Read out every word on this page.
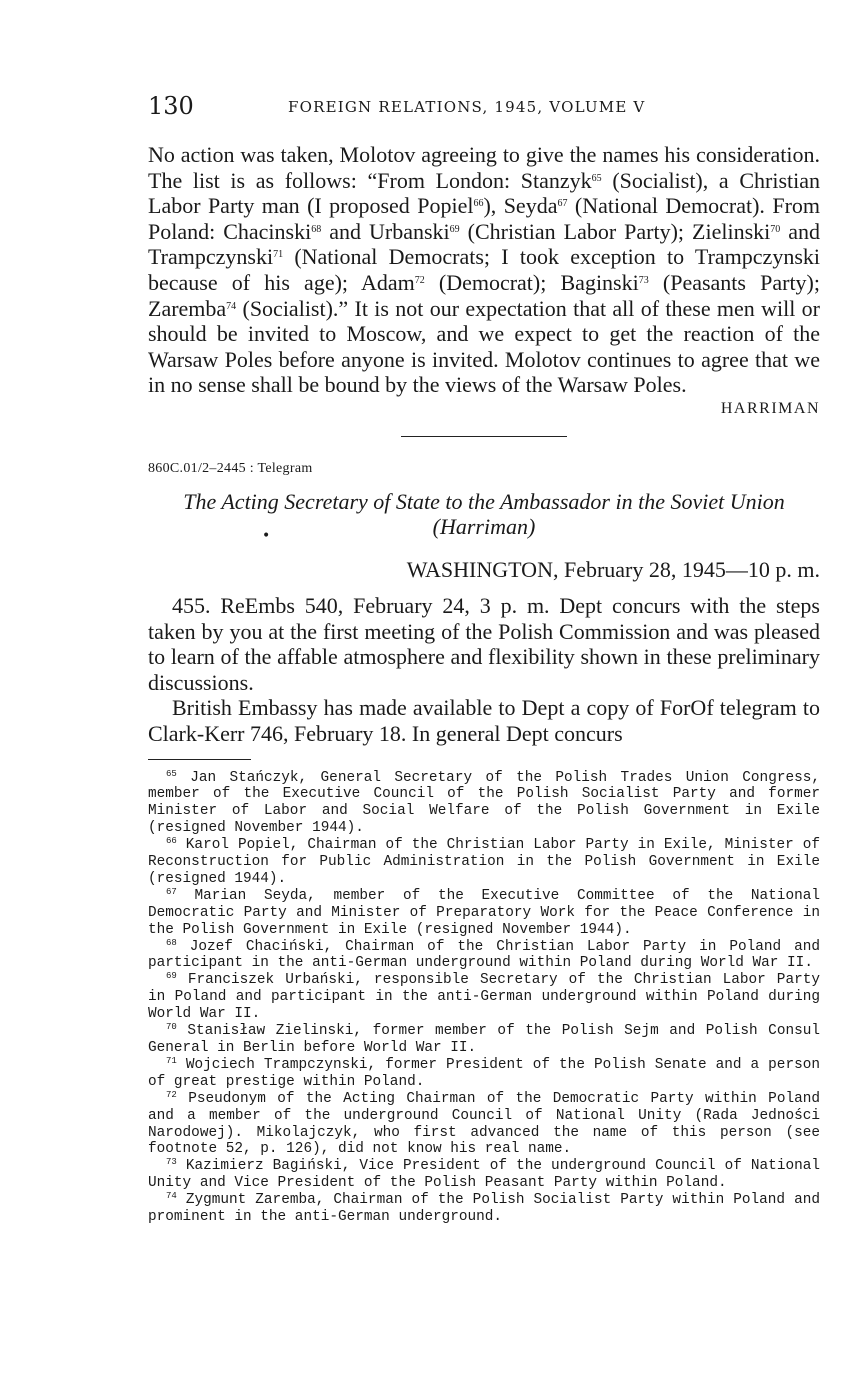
130	FOREIGN RELATIONS, 1945, VOLUME V

No action was taken, Molotov agreeing to give the names his consideration. The list is as follows: “From London: Stanzyk$^{65}$ (Socialist), a Christian Labor Party man (I proposed Popiel$^{66}$), Seyda$^{67}$ (National Democrat). From Poland: Chacinski$^{68}$ and Urbanski$^{69}$ (Christian Labor Party); Zielinski$^{70}$ and Trampczynski$^{71}$ (National Democrats; I took exception to Trampczynski because of his age); Adam$^{72}$ (Democrat); Baginski$^{73}$ (Peasants Party); Zaremba$^{74}$ (Socialist).” It is not our expectation that all of these men will or should be invited to Moscow, and we expect to get the reaction of the Warsaw Poles before anyone is invited. Molotov continues to agree that we in no sense shall be bound by the views of the Warsaw Poles.

HARRIMAN
•
860C.01/2–2445 : Telegram
The Acting Secretary of State to the Ambassador in the Soviet Union
(Harriman)
WASHINGTON, February 28, 1945—10 p. m.

455. ReEmbs 540, February 24, 3 p. m. Dept concurs with the steps taken by you at the first meeting of the Polish Commission and was pleased to learn of the affable atmosphere and flexibility shown in these preliminary discussions.

British Embassy has made available to Dept a copy of ForOf telegram to Clark-Kerr 746, February 18. In general Dept concurs

$^{65}$ Jan Stańczyk, General Secretary of the Polish Trades Union Congress, member of the Executive Council of the Polish Socialist Party and former Minister of Labor and Social Welfare of the Polish Government in Exile (resigned November 1944).

$^{66}$ Karol Popiel, Chairman of the Christian Labor Party in Exile, Minister of Reconstruction for Public Administration in the Polish Government in Exile (resigned 1944).

$^{67}$ Marian Seyda, member of the Executive Committee of the National Democratic Party and Minister of Preparatory Work for the Peace Conference in the Polish Government in Exile (resigned November 1944).

$^{68}$ Jozef Chaciński, Chairman of the Christian Labor Party in Poland and participant in the anti-German underground within Poland during World War II.

$^{69}$ Franciszek Urbański, responsible Secretary of the Christian Labor Party in Poland and participant in the anti-German underground within Poland during World War II.

$^{70}$ Stanisław Zielinski, former member of the Polish Sejm and Polish Consul General in Berlin before World War II.

$^{71}$ Wojciech Trampczynski, former President of the Polish Senate and a person of great prestige within Poland.

$^{72}$ Pseudonym of the Acting Chairman of the Democratic Party within Poland and a member of the underground Council of National Unity (Rada Jedności Narodowej). Mikolajczyk, who first advanced the name of this person (see footnote 52, p. 126), did not know his real name.

$^{73}$ Kazimierz Bagiński, Vice President of the underground Council of National Unity and Vice President of the Polish Peasant Party within Poland.

$^{74}$ Zygmunt Zaremba, Chairman of the Polish Socialist Party within Poland and prominent in the anti-German underground.
